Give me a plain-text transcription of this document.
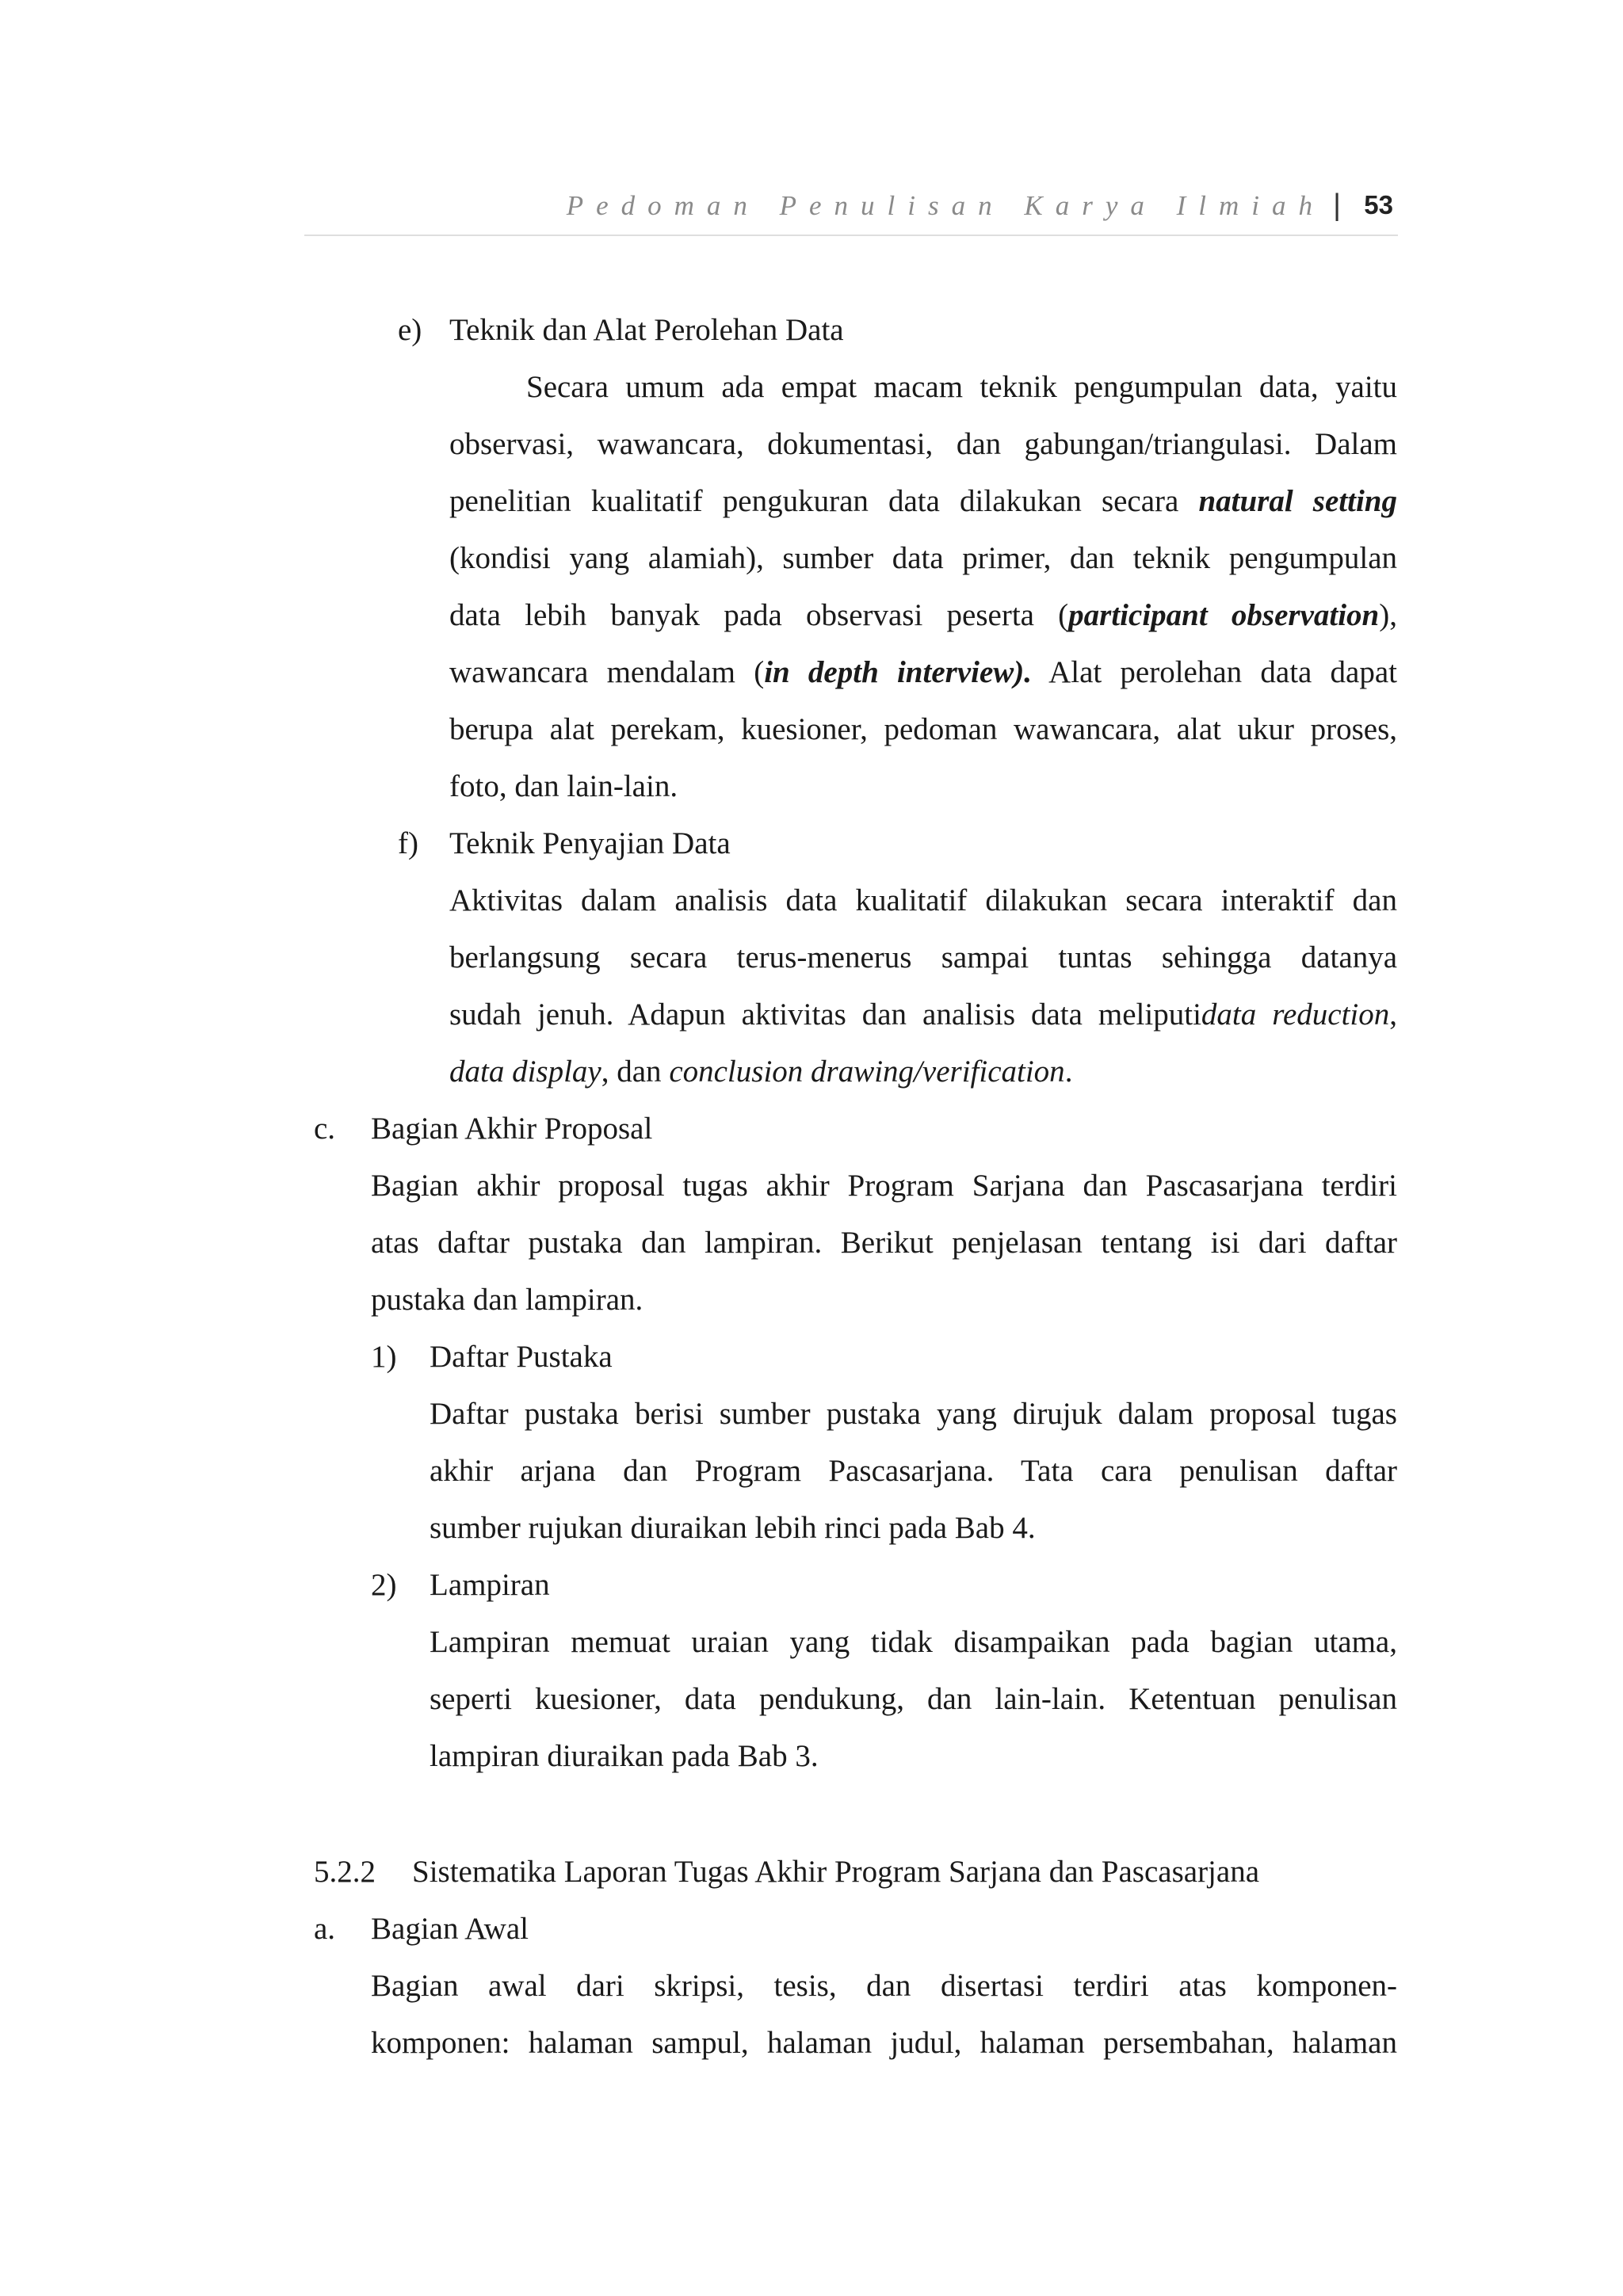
Pedoman Penulisan Karya Ilmiah | 53
e) Teknik dan Alat Perolehan Data
Secara umum ada empat macam teknik pengumpulan data, yaitu
observasi, wawancara, dokumentasi, dan gabungan/triangulasi. Dalam
penelitian kualitatif pengukuran data dilakukan secara natural setting
(kondisi yang alamiah), sumber data primer, dan teknik pengumpulan
data lebih banyak pada observasi peserta (participant observation),
wawancara mendalam (in depth interview). Alat perolehan data dapat
berupa alat perekam, kuesioner, pedoman wawancara, alat ukur proses,
foto, dan lain-lain.
f) Teknik Penyajian Data
Aktivitas dalam analisis data kualitatif dilakukan secara interaktif dan
berlangsung secara terus-menerus sampai tuntas sehingga datanya
sudah jenuh. Adapun aktivitas dan analisis data meliputidata reduction,
data display, dan conclusion drawing/verification.
c. Bagian Akhir Proposal
Bagian akhir proposal tugas akhir Program Sarjana dan Pascasarjana terdiri
atas daftar pustaka dan lampiran. Berikut penjelasan tentang isi dari daftar
pustaka dan lampiran.
1) Daftar Pustaka
Daftar pustaka berisi sumber pustaka yang dirujuk dalam proposal tugas
akhir arjana dan Program Pascasarjana. Tata cara penulisan daftar
sumber rujukan diuraikan lebih rinci pada Bab 4.
2) Lampiran
Lampiran memuat uraian yang tidak disampaikan pada bagian utama,
seperti kuesioner, data pendukung, dan lain-lain. Ketentuan penulisan
lampiran diuraikan pada Bab 3.
5.2.2 Sistematika Laporan Tugas Akhir Program Sarjana dan Pascasarjana
a. Bagian Awal
Bagian awal dari skripsi, tesis, dan disertasi terdiri atas komponen-
komponen: halaman sampul, halaman judul, halaman persembahan, halaman
